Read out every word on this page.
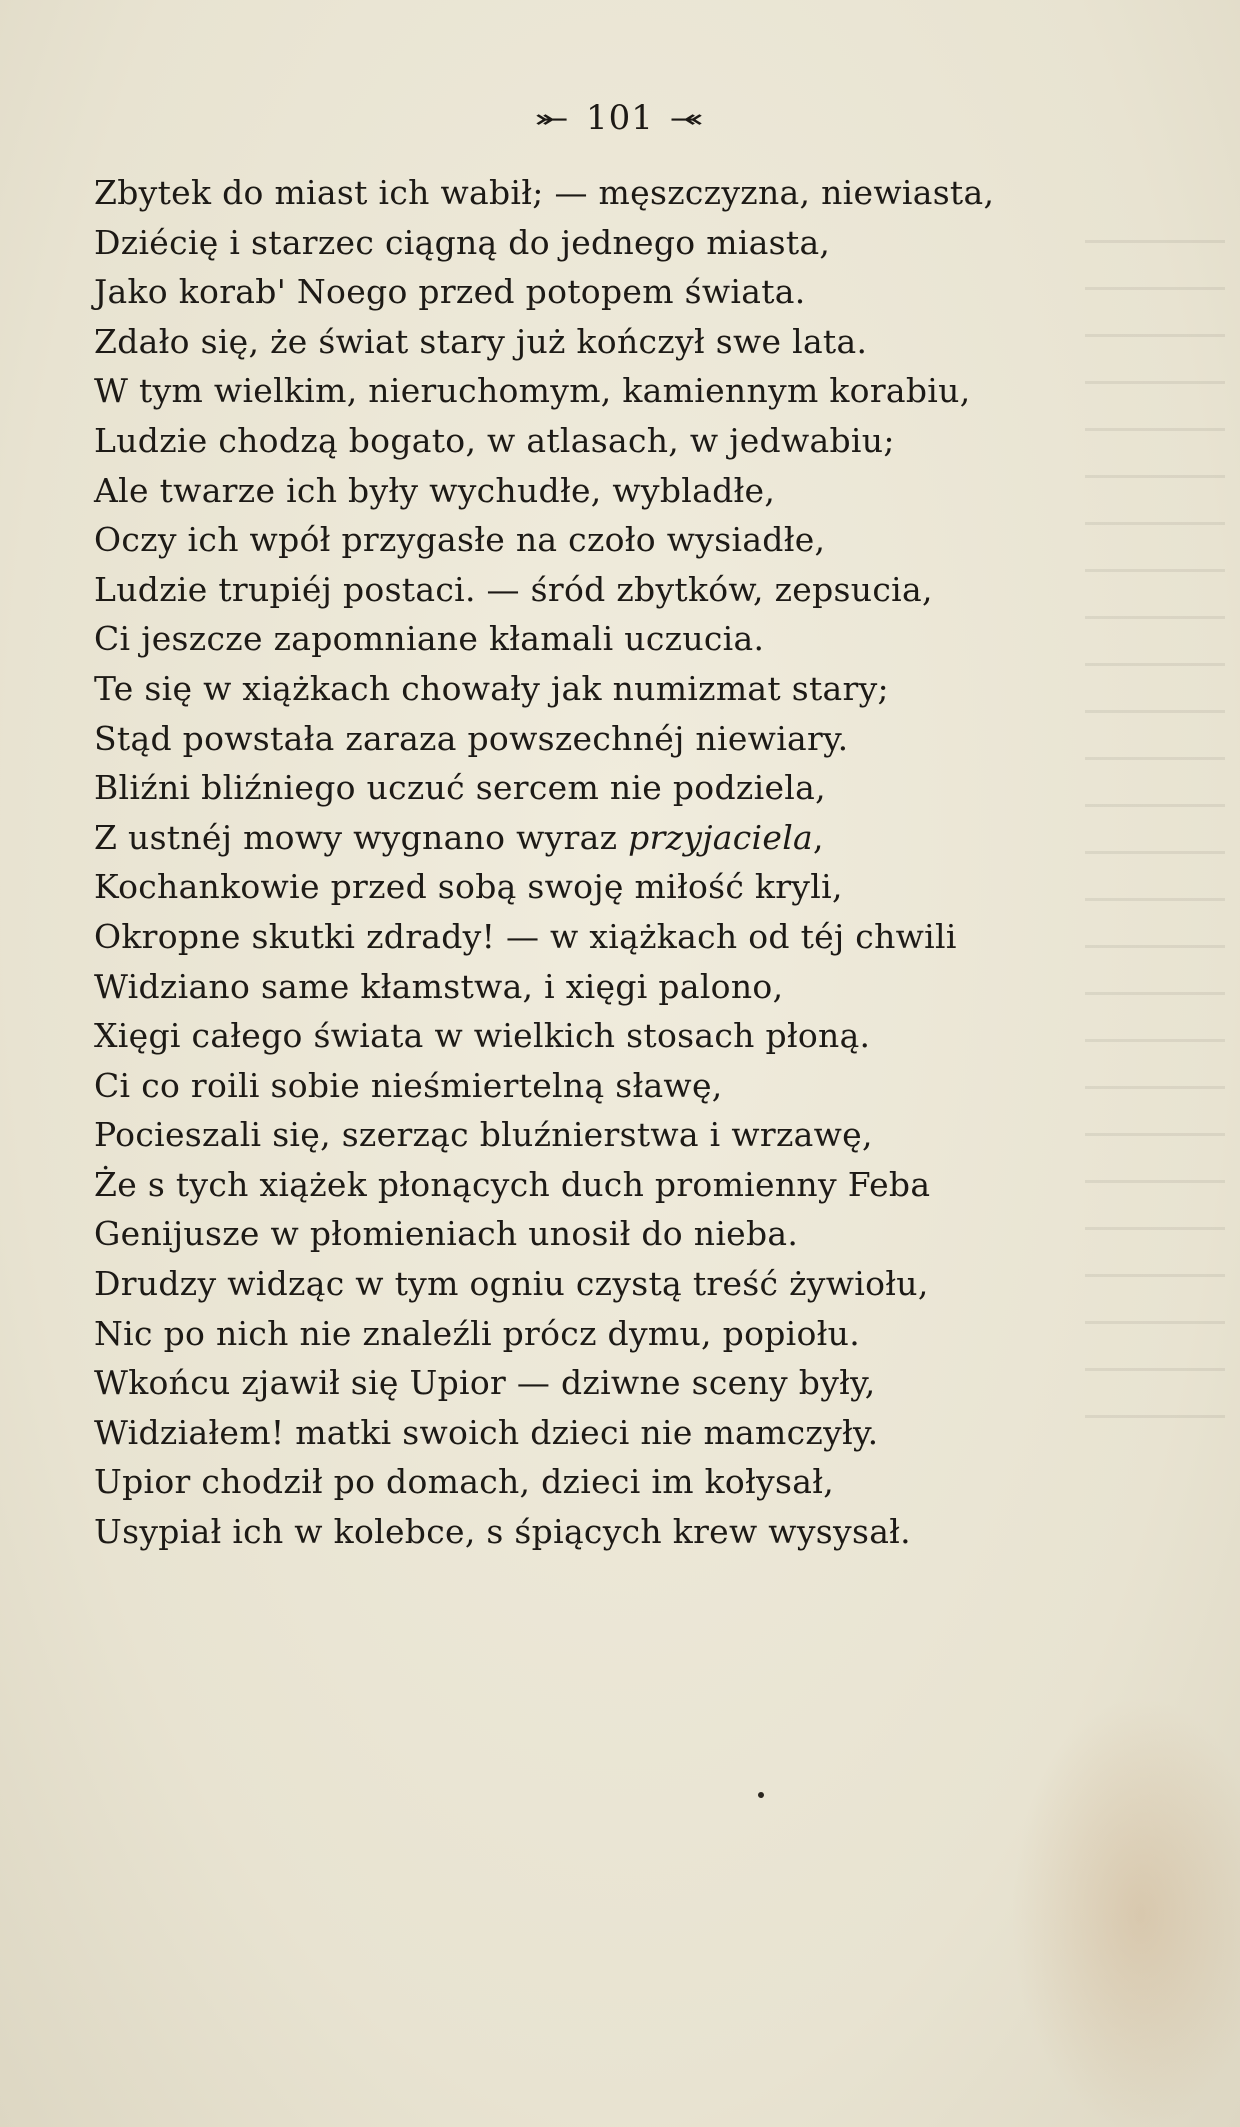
⤜ 101 ⤛
Zbytek do miast ich wabił; — męszczyzna, niewiasta,
Dziécię i starzec ciągną do jednego miasta,
Jako korab' Noego przed potopem świata.
Zdało się, że świat stary już kończył swe lata.
W tym wielkim, nieruchomym, kamiennym korabiu,
Ludzie chodzą bogato, w atlasach, w jedwabiu;
Ale twarze ich były wychudłe, wybladłe,
Oczy ich wpół przygasłe na czoło wysiadłe,
Ludzie trupiéj postaci. — śród zbytków, zepsucia,
Ci jeszcze zapomniane kłamali uczucia.
Te się w xiążkach chowały jak numizmat stary;
Stąd powstała zaraza powszechnéj niewiary.
Bliźni bliźniego uczuć sercem nie podziela,
Z ustnéj mowy wygnano wyraz przyjaciela,
Kochankowie przed sobą swoję miłość kryli,
Okropne skutki zdrady! — w xiążkach od téj chwili
Widziano same kłamstwa, i xięgi palono,
Xięgi całego świata w wielkich stosach płoną.
Ci co roili sobie nieśmiertelną sławę,
Pocieszali się, szerząc bluźnierstwa i wrzawę,
Że s tych xiążek płonących duch promienny Feba
Genijusze w płomieniach unosił do nieba.
Drudzy widząc w tym ogniu czystą treść żywiołu,
Nic po nich nie znaleźli prócz dymu, popiołu.
Wkońcu zjawił się Upior — dziwne sceny były,
Widziałem! matki swoich dzieci nie mamczyły.
Upior chodził po domach, dzieci im kołysał,
Usypiał ich w kolebce, s śpiących krew wysysał.
